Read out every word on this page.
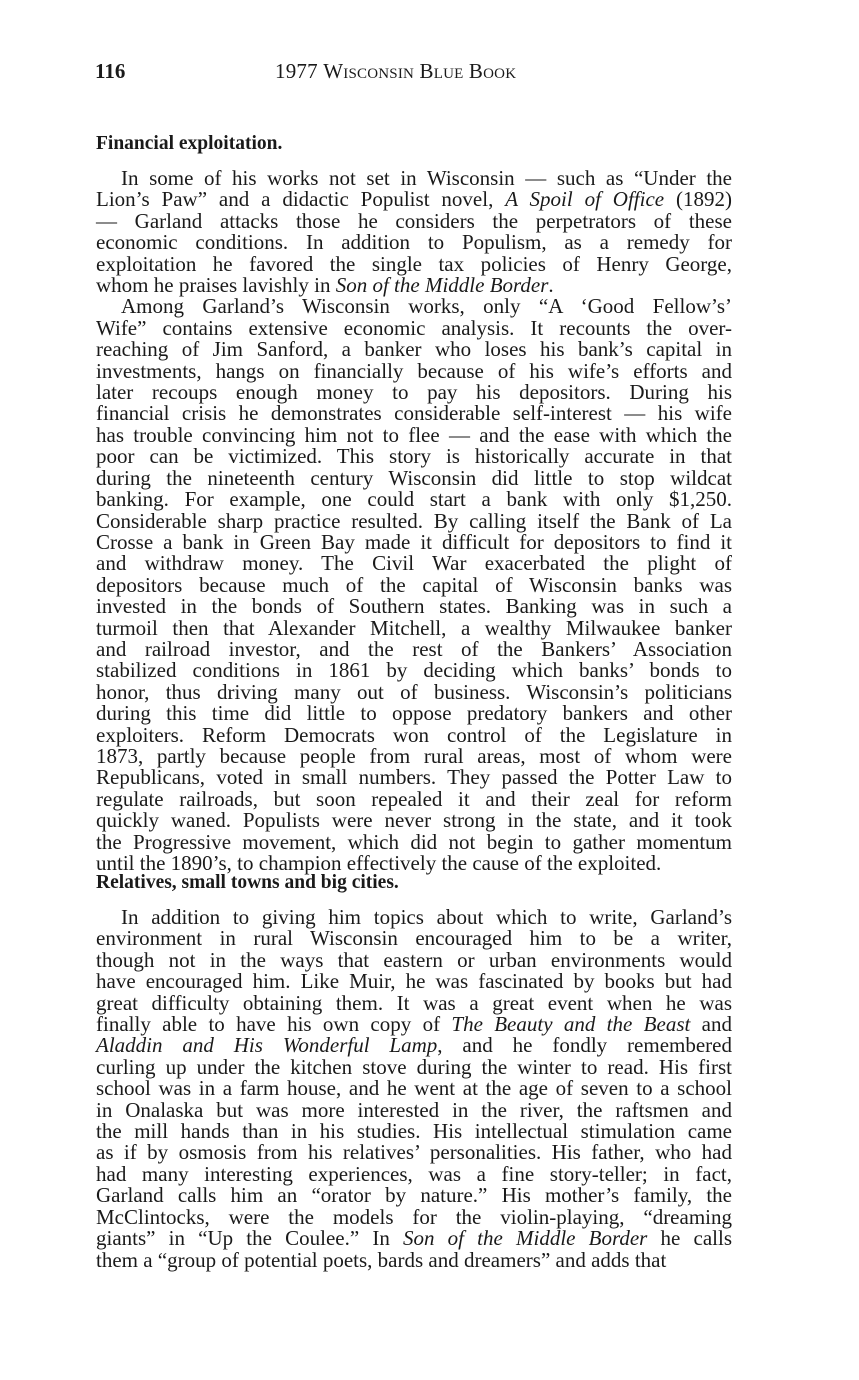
116	1977 Wisconsin Blue Book
Financial exploitation.
In some of his works not set in Wisconsin — such as “Under the
Lion’s Paw” and a didactic Populist novel, A Spoil of Office (1892)
— Garland attacks those he considers the perpetrators of these
economic conditions. In addition to Populism, as a remedy for
exploitation he favored the single tax policies of Henry George,
whom he praises lavishly in Son of the Middle Border.
Among Garland’s Wisconsin works, only “A ‘Good Fellow’s’
Wife” contains extensive economic analysis. It recounts the over-
reaching of Jim Sanford, a banker who loses his bank’s capital in
investments, hangs on financially because of his wife’s efforts and
later recoups enough money to pay his depositors. During his
financial crisis he demonstrates considerable self-interest — his wife
has trouble convincing him not to flee — and the ease with which the
poor can be victimized. This story is historically accurate in that
during the nineteenth century Wisconsin did little to stop wildcat
banking. For example, one could start a bank with only $1,250.
Considerable sharp practice resulted. By calling itself the Bank of La
Crosse a bank in Green Bay made it difficult for depositors to find it
and withdraw money. The Civil War exacerbated the plight of
depositors because much of the capital of Wisconsin banks was
invested in the bonds of Southern states. Banking was in such a
turmoil then that Alexander Mitchell, a wealthy Milwaukee banker
and railroad investor, and the rest of the Bankers’ Association
stabilized conditions in 1861 by deciding which banks’ bonds to
honor, thus driving many out of business. Wisconsin’s politicians
during this time did little to oppose predatory bankers and other
exploiters. Reform Democrats won control of the Legislature in
1873, partly because people from rural areas, most of whom were
Republicans, voted in small numbers. They passed the Potter Law to
regulate railroads, but soon repealed it and their zeal for reform
quickly waned. Populists were never strong in the state, and it took
the Progressive movement, which did not begin to gather momentum
until the 1890’s, to champion effectively the cause of the exploited.
Relatives, small towns and big cities.
In addition to giving him topics about which to write, Garland’s
environment in rural Wisconsin encouraged him to be a writer,
though not in the ways that eastern or urban environments would
have encouraged him. Like Muir, he was fascinated by books but had
great difficulty obtaining them. It was a great event when he was
finally able to have his own copy of The Beauty and the Beast and
Aladdin and His Wonderful Lamp, and he fondly remembered
curling up under the kitchen stove during the winter to read. His first
school was in a farm house, and he went at the age of seven to a school
in Onalaska but was more interested in the river, the raftsmen and
the mill hands than in his studies. His intellectual stimulation came
as if by osmosis from his relatives’ personalities. His father, who had
had many interesting experiences, was a fine story-teller; in fact,
Garland calls him an “orator by nature.” His mother’s family, the
McClintocks, were the models for the violin-playing, “dreaming
giants” in “Up the Coulee.” In Son of the Middle Border he calls
them a “group of potential poets, bards and dreamers” and adds that
